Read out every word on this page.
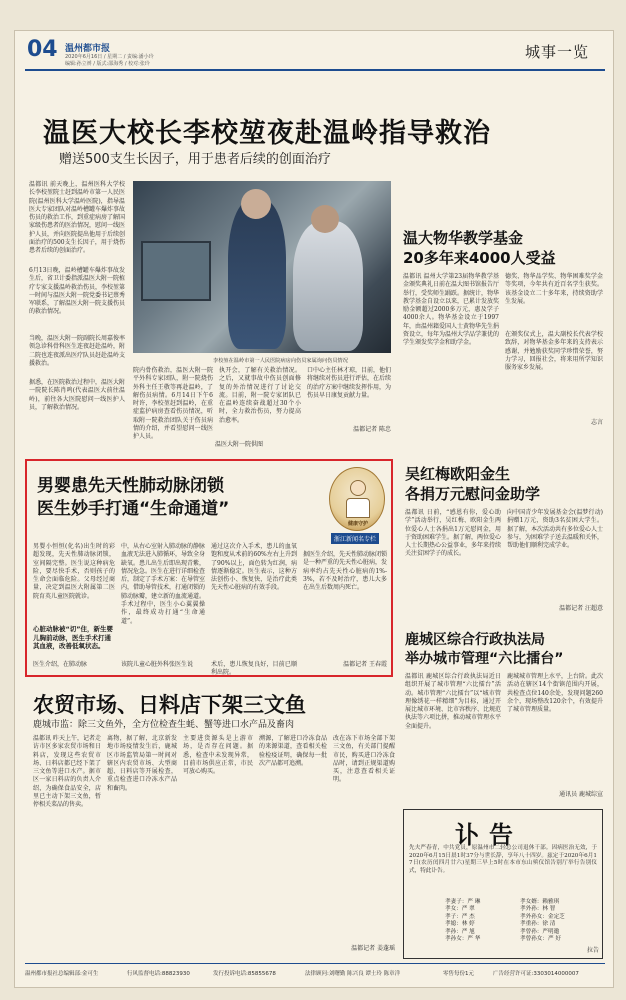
04 温州都市报
2020年6月16日 / 星期二 / 责编:潘小玲
编辑:孙立赟 / 版式:邵海秀 / 校对:张玲
城事一览
温医大校长李校堃夜赴温岭指导救治
赠送500支生长因子，用于患者后续的创面治疗
温都讯 前天晚上，温州医科大学校长李校堃院士赶到温岭市第一人民医院(温州医科大学温岭医院)，指导温医大专家团队对温岭槽罐车爆炸事故伤员的救治工作，到重症病房了解国家级伤患者的医治情况，慰问一线医护人员，并向医院提出他用于后续创面治疗的500支生长因子，用于烧伤患者后续的创面治疗。
6月13日晚，温岭槽罐车爆炸事故发生后，省卫计委指派温医大附一院植疗专家支援温岭救治伤员，李校堃第一时间与温医大附一院党委书记蔡秀军联系，了解温医大附一院支援伤员的救治情况。
当晚，温医大附一院副院长周嘉俊率领急诊科骨科医生连夜赶赴温岭，附二院也连夜派出医疗队员赶赴温岭支援救治。
据悉，在医院救治过程中，温医大附一院院长陈肖鸣(代表温医大前往温岭)，前往各大医院慰问一线医护人员，了解救治情况。
李校堃在温岭市第一人民医院病房向伤员家属询问伤员情况
院内骨伤救治，温医大附一院平外科专家团队，附一院烧伤外科主任王敬等再赴温岭，了解伤员病情。6月14日下午6时许，李校堃赶到温岭，在重症监护病房查看伤员情况，听取附一院救治团队关于伤员病情的介绍，并看望慰问一线医护人员。
执开会，了解有关救治情况。之后，又就事故中伤员创面修复的外治情况进行了讨论交流。目前，附一院专家团队已在温岭连续奋战超过30个小时，全力救治伤员，努力提高治愈率。
口中心主任林才琼，目前，他们将继续对伤员进行评估，在后续的治疗方案中继续发挥作用，为伤员早日康复贡献力量。
温都记者 陈忠
温医大附一院供图
温大物华教学基金
20多年来4000人受益
温都讯 温州大学第23届物华教学基金颁奖典礼日前在温大图书馆报告厅举行，受奖师生踊跃。据统计，物华教学基金自设立以来，已累计发放奖励金额超过2000多万元，惠及学子4000余人。物华基金设立于1997年，由温州籍爱国人士黄物华先生捐资设立，每年为温州大学品学兼优的学生颁发奖学金和助学金。
德奖、物华品学奖、物华困难奖学金等奖项，今年共有近百名学生获奖。该基金设立二十多年来，持续资助学生发展。
在颁奖仪式上，温大副校长代表学校致辞，对物华基金多年来的支持表示感谢，并勉励获奖同学珍惜荣誉，努力学习，回报社会，将来用所学知识服务家乡发展。
志言
男婴患先天性肺动脉闭锁
医生妙手打通“生命通道”
健康守护
浙江新闻名专栏
男婴小恒恒(化名)出生时的彩超发现，先天性肺动脉闭锁，室间隔完整。医生说这种病危险，要尽快手术，否则孩子的生命会面临危险。父母经过商量，决定到温医大附属第二医院育英儿童医院就诊。
心脏动脉被“切”住，新生婴儿胸前动脉，医生手术打通其血液，改善低氧状态。
医生介绍，在肺动脉
中，从右心室射入肺动脉的静脉血液无法进入肺循环，导致全身缺氧。患儿出生后即出现青紫，情况危急。医生在进行详细检查后，制定了手术方案：在导管室内，借助导管技术，打通闭锁的肺动脉瓣，建立新的血流通道。手术过程中，医生小心翼翼操作，最终成功打通“生命通道”。
该院儿童心脏外科张医生说
通过这次介入手术，患儿的血氧饱和度从术前的60%左右上升到了90%以上，面色转为红润，病情逐渐稳定。医生表示，这种方法创伤小、恢复快，是治疗此类先天性心脏病的有效手段。
术后，患儿恢复良好，目前已顺利出院。
据医生介绍，先天性肺动脉闭锁是一种严重的先天性心脏病，发病率约占先天性心脏病的1%-3%，若不及时治疗，患儿大多在出生后数周内死亡。
温都记者 王春霞
吴红梅欧阳金生
各捐万元慰问金助学
温都讯 日前，“感恩有你，爱心助学”活动举行，吴红梅、欧阳金生两位爱心人士各捐出1万元慰问金，用于资助困难学生。据了解，两位爱心人士长期热心公益事业，多年来持续关注贫困学子的成长。
向中国青少年发展基金会(温梦行动)捐赠1万元，资助3名贫困大学生。据了解，本次活动共有多位爱心人士参与，为困难学子送去温暖和关怀，帮助他们顺利完成学业。
温都记者 汪超意
鹿城区综合行政执法局
举办城市管理“六比擂台”
温都讯 鹿城区综合行政执法局近日组织开展了城市管理“六比擂台”活动。城市管理“六比擂台”以“城市管理像绣花一样精细”为目标，通过开展比城市环境、比市容秩序、比规范执法等六项比拼，推动城市管理水平全面提升。
鹿城城市管理上水平，上台阶。此次活动在辖区14个街镇范围内开展，共检查点位140余处，发现问题260余个，现场整改120余个，有效提升了城市管理质量。
通讯员 鹿城综宣
农贸市场、日料店下架三文鱼
鹿城市监：除三文鱼外，全方位检查生蚝、蟹等进口水产品及畜肉
温都讯 昨天上午，记者走访市区多家农贸市场和日料店，发现这些农贸市场、日料店都已经下架了三文鱼等进口水产。据市区一家日料店的负责人介绍，为确保食品安全，店里已主动下架三文鱼，暂停相关菜品的售卖。
离物，据了解，北京新发地市场疫情发生后，鹿城区市场监管局第一时间对辖区内农贸市场、大型商超、日料店等开展检查，重点检查进口冷冻水产品和畜肉。
主要进货源头是上游市场，是否存在问题。据悉，检查中未发现异常，目前市场供应正常，市民可放心购买。
溯源，了解进口冷冻食品的来源渠道，查看相关检验检疫证明，确保每一批次产品都可追溯。
改在冻下市场全部下架三文鱼，有关部门提醒市民，购买进口冷冻食品时，请到正规渠道购买，注意查看相关证明。
温都记者 姜蓬瑶
讣告
先夫严春青，中共党员，原温州市二轻总公司退休干部。因病医治无效，于2020年6月15日晨1时37分与世长辞，享年八十四岁。兹定于2020年6月17日(农历闰四月廿六)星期三早上5时在本市东山殡仪馆告别厅举行告别仪式，特此讣告。
孝妻子：严 琳	孝女婿：赖雅琪
孝女：严 翠	孝外孙：林 智
孝子：严 杰	孝外孙女：金定芝
孝媳：林 婷	孝重孙：徐 清
孝孙：严 旭	孝曾孙：严明邀
孝孙女：严 华	孝曾孙女：严 好
拉告
温州都市报社总编辑部:金可生	行风监督电话:88823930	发行投诉电话:85855678	法律顾问:刘曙勤 陈兴良 谭士玲 陈章洋	零售每份1元	广告经营许可证:3303014000007
